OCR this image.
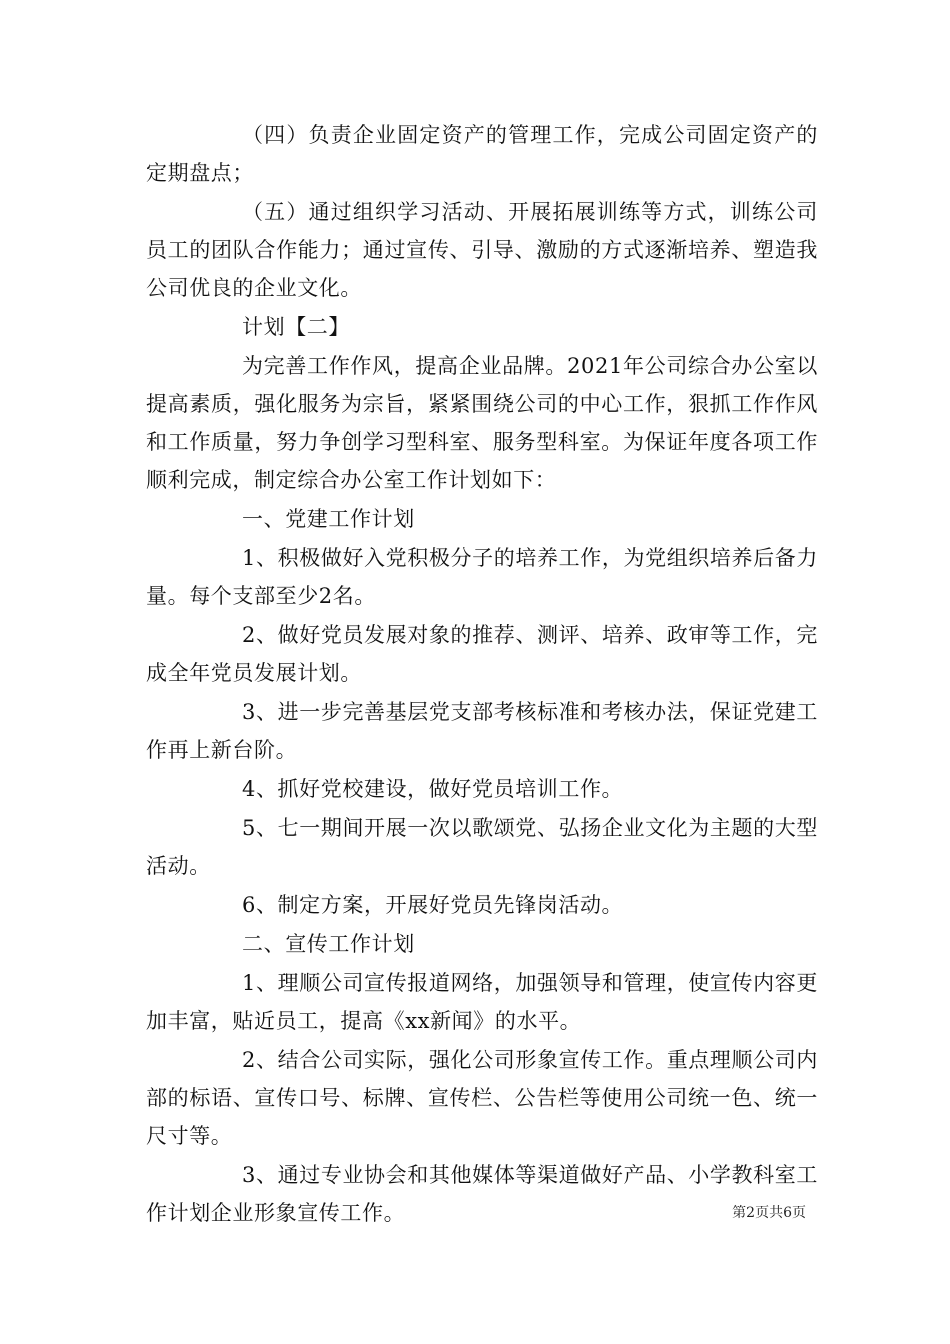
（四）负责企业固定资产的管理工作，完成公司固定资产的定期盘点；

（五）通过组织学习活动、开展拓展训练等方式，训练公司员工的团队合作能力；通过宣传、引导、激励的方式逐渐培养、塑造我公司优良的企业文化。

计划【二】

为完善工作作风，提高企业品牌。2021年公司综合办公室以提高素质，强化服务为宗旨，紧紧围绕公司的中心工作，狠抓工作作风和工作质量，努力争创学习型科室、服务型科室。为保证年度各项工作顺利完成，制定综合办公室工作计划如下：

一、党建工作计划

1、积极做好入党积极分子的培养工作，为党组织培养后备力量。每个支部至少2名。

2、做好党员发展对象的推荐、测评、培养、政审等工作，完成全年党员发展计划。

3、进一步完善基层党支部考核标准和考核办法，保证党建工作再上新台阶。

4、抓好党校建设，做好党员培训工作。

5、七一期间开展一次以歌颂党、弘扬企业文化为主题的大型活动。

6、制定方案，开展好党员先锋岗活动。

二、宣传工作计划

1、理顺公司宣传报道网络，加强领导和管理，使宣传内容更加丰富，贴近员工，提高《xx新闻》的水平。

2、结合公司实际，强化公司形象宣传工作。重点理顺公司内部的标语、宣传口号、标牌、宣传栏、公告栏等使用公司统一色、统一尺寸等。

3、通过专业协会和其他媒体等渠道做好产品、小学教科室工作计划企业形象宣传工作。	第2页共6页
